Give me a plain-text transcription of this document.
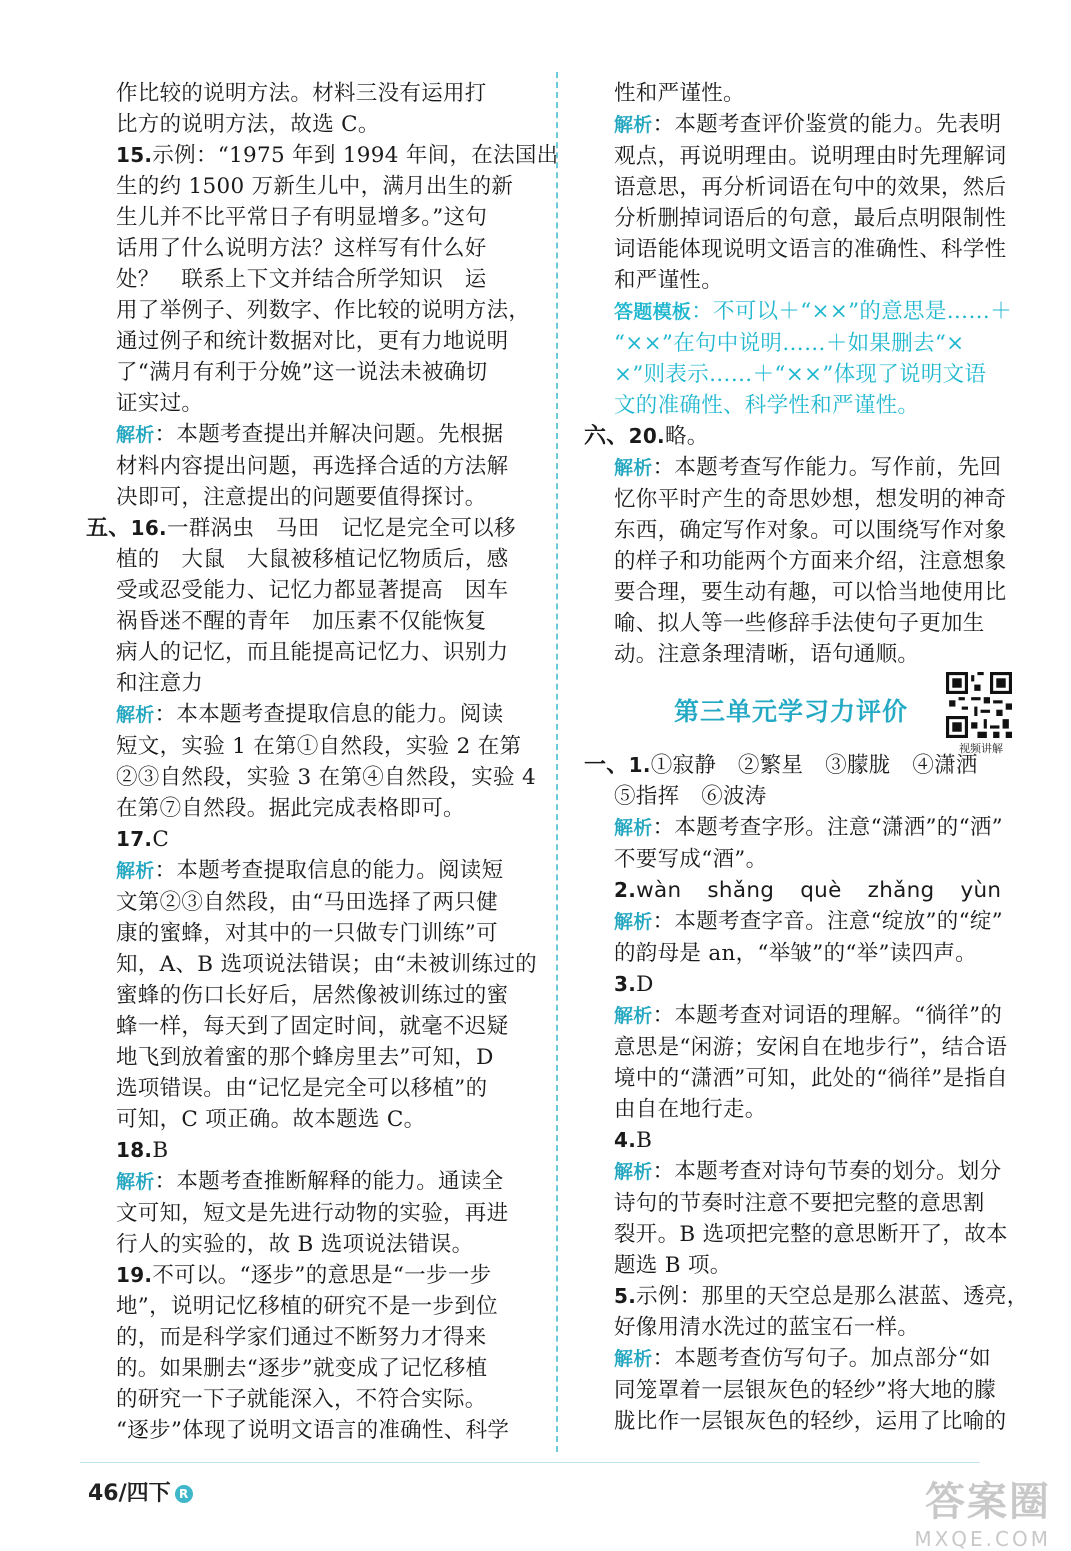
作比较的说明方法。材料三没有运用打
比方的说明方法，故选 C。
15.示例：“1975 年到 1994 年间，在法国出
生的约 1500 万新生儿中，满月出生的新
生儿并不比平常日子有明显增多。”这句
话用了什么说明方法？这样写有什么好
处？　联系上下文并结合所学知识　运
用了举例子、列数字、作比较的说明方法，
通过例子和统计数据对比，更有力地说明
了“满月有利于分娩”这一说法未被确切
证实过。
解析：本题考查提出并解决问题。先根据
材料内容提出问题，再选择合适的方法解
决即可，注意提出的问题要值得探讨。
五、16.一群涡虫　马田　记忆是完全可以移
植的　大鼠　大鼠被移植记忆物质后，感
受或忍受能力、记忆力都显著提高　因车
祸昏迷不醒的青年　加压素不仅能恢复
病人的记忆，而且能提高记忆力、识别力
和注意力
解析：本本题考查提取信息的能力。阅读
短文，实验 1 在第①自然段，实验 2 在第
②③自然段，实验 3 在第④自然段，实验 4
在第⑦自然段。据此完成表格即可。
17.C
解析：本题考查提取信息的能力。阅读短
文第②③自然段，由“马田选择了两只健
康的蜜蜂，对其中的一只做专门训练”可
知，A、B 选项说法错误；由“未被训练过的
蜜蜂的伤口长好后，居然像被训练过的蜜
蜂一样，每天到了固定时间，就毫不迟疑
地飞到放着蜜的那个蜂房里去”可知，D
选项错误。由“记忆是完全可以移植”的
可知，C 项正确。故本题选 C。
18.B
解析：本题考查推断解释的能力。通读全
文可知，短文是先进行动物的实验，再进
行人的实验的，故 B 选项说法错误。
19.不可以。“逐步”的意思是“一步一步
地”，说明记忆移植的研究不是一步到位
的，而是科学家们通过不断努力才得来
的。如果删去“逐步”就变成了记忆移植
的研究一下子就能深入，不符合实际。
“逐步”体现了说明文语言的准确性、科学
性和严谨性。
解析：本题考查评价鉴赏的能力。先表明
观点，再说明理由。说明理由时先理解词
语意思，再分析词语在句中的效果，然后
分析删掉词语后的句意，最后点明限制性
词语能体现说明文语言的准确性、科学性
和严谨性。
答题模板：不可以＋“××”的意思是……＋
“××”在句中说明……＋如果删去“×
×”则表示……＋“××”体现了说明文语
文的准确性、科学性和严谨性。
六、20.略。
解析：本题考查写作能力。写作前，先回
忆你平时产生的奇思妙想，想发明的神奇
东西，确定写作对象。可以围绕写作对象
的样子和功能两个方面来介绍，注意想象
要合理，要生动有趣，可以恰当地使用比
喻、拟人等一些修辞手法使句子更加生
动。注意条理清晰，语句通顺。
第三单元学习力评价
视频讲解
一、1.①寂静　②繁星　③朦胧　④潇洒
⑤指挥　⑥波涛
解析：本题考查字形。注意“潇洒”的“洒”
不要写成“酒”。
2.wàn shǎng què zhǎng yùn
解析：本题考查字音。注意“绽放”的“绽”
的韵母是 an，“举皱”的“举”读四声。
3.D
解析：本题考查对词语的理解。“徜徉”的
意思是“闲游；安闲自在地步行”，结合语
境中的“潇洒”可知，此处的“徜徉”是指自
由自在地行走。
4.B
解析：本题考查对诗句节奏的划分。划分
诗句的节奏时注意不要把完整的意思割
裂开。B 选项把完整的意思断开了，故本
题选 B 项。
5.示例：那里的天空总是那么湛蓝、透亮，
好像用清水洗过的蓝宝石一样。
解析：本题考查仿写句子。加点部分“如
同笼罩着一层银灰色的轻纱”将大地的朦
胧比作一层银灰色的轻纱，运用了比喻的
46/四下 R	答案圈
MXQE.COM
